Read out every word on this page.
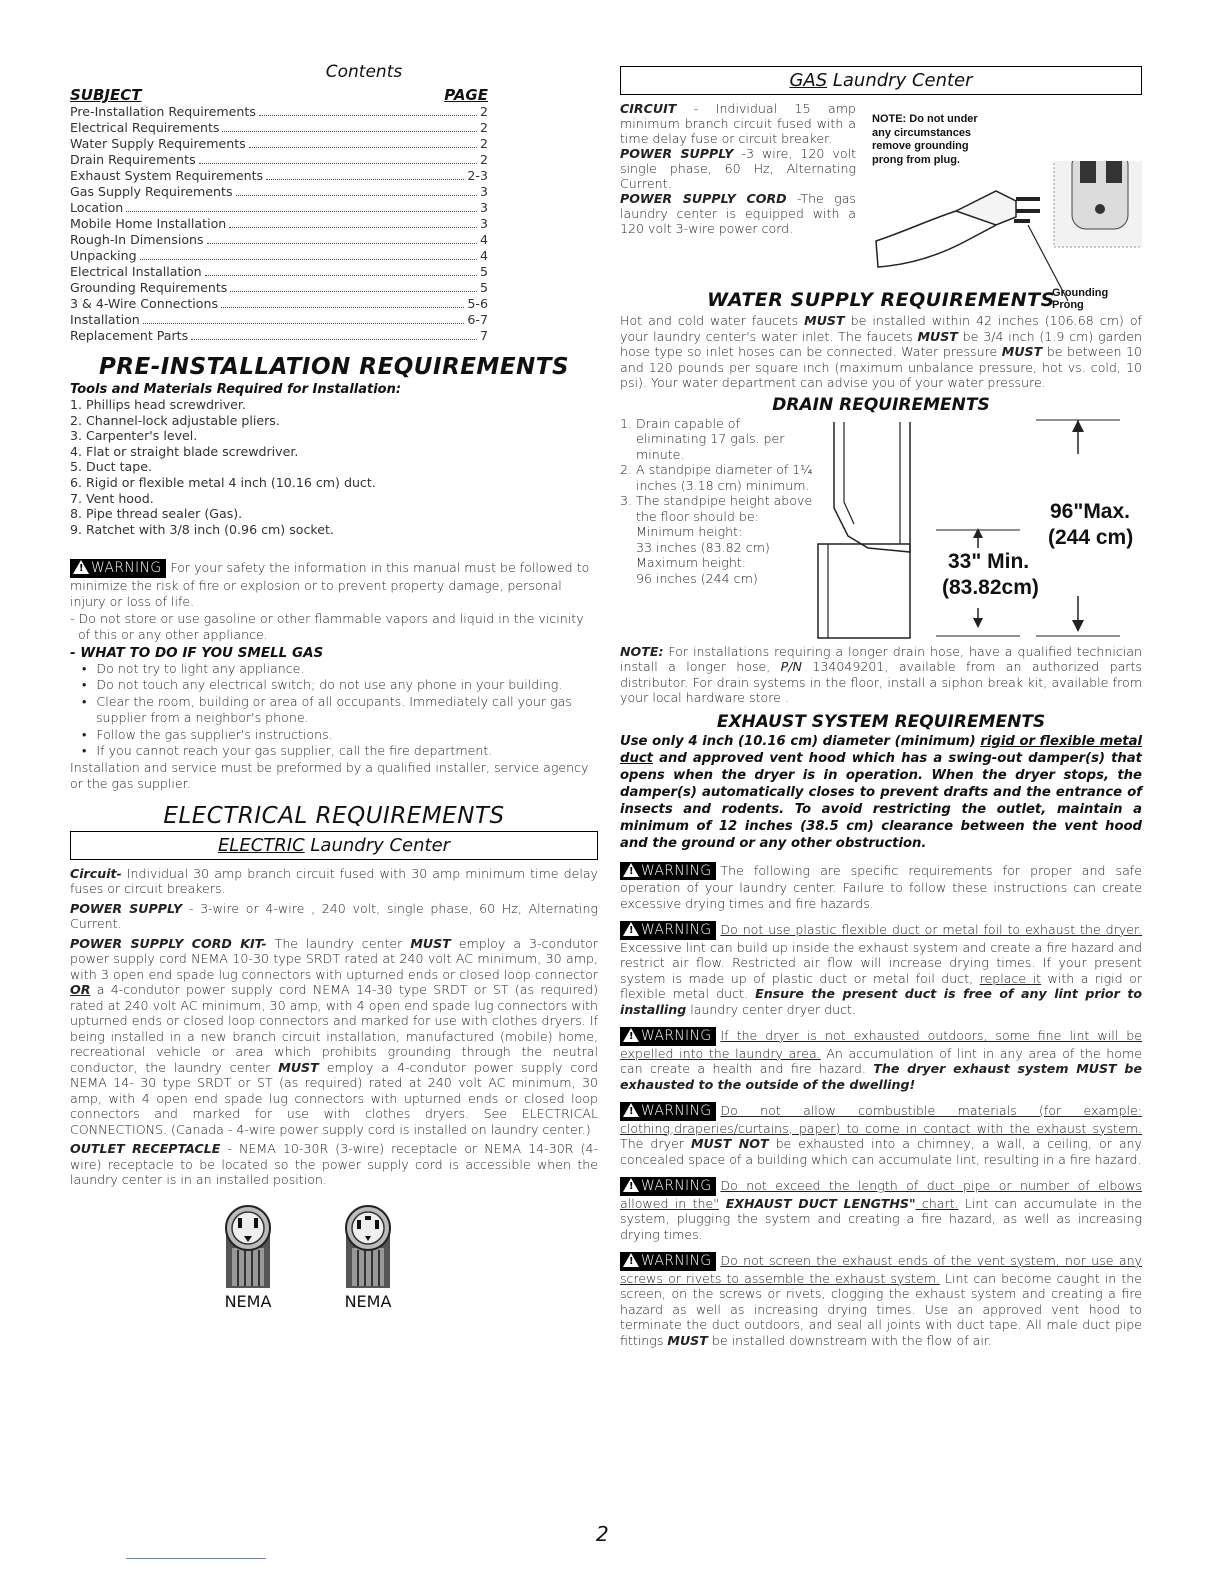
Contents
SUBJECT	PAGE
Pre-Installation Requirements	2
Electrical Requirements	2
Water Supply Requirements	2
Drain Requirements	2
Exhaust System Requirements	2-3
Gas Supply Requirements	3
Location	3
Mobile Home Installation	3
Rough-In Dimensions	4
Unpacking	4
Electrical Installation	5
Grounding Requirements	5
3 & 4-Wire Connections	5-6
Installation	6-7
Replacement Parts	7
PRE-INSTALLATION REQUIREMENTS
Tools and Materials Required for Installation:
1. Phillips head screwdriver.
2. Channel-lock adjustable pliers.
3. Carpenter's level.
4. Flat or straight blade screwdriver.
5. Duct tape.
6. Rigid or flexible metal 4 inch (10.16 cm) duct.
7. Vent hood.
8. Pipe thread sealer (Gas).
9. Ratchet with 3/8 inch (0.96 cm) socket.
!WARNING For your safety the information in this manual must be followed to minimize the risk of fire or explosion or to prevent property damage, personal injury or loss of life.
- Do not store or use gasoline or other flammable vapors and liquid in the vicinity of this or any other appliance.
- WHAT TO DO IF YOU SMELL GAS
• Do not try to light any appliance.
• Do not touch any electrical switch; do not use any phone in your building.
• Clear the room, building or area of all occupants. Immediately call your gas supplier from a neighbor's phone.
• Follow the gas supplier's instructions.
• If you cannot reach your gas supplier, call the fire department.
Installation and service must be preformed by a qualified installer, service agency or the gas supplier.
ELECTRICAL REQUIREMENTS
ELECTRIC Laundry Center
Circuit- Individual 30 amp branch circuit fused with 30 amp minimum time delay fuses or circuit breakers.
POWER SUPPLY - 3-wire or 4-wire , 240 volt, single phase, 60 Hz, Alternating Current.
POWER SUPPLY CORD KIT- The laundry center MUST employ a 3-condutor power supply cord NEMA 10-30 type SRDT rated at 240 volt AC minimum, 30 amp, with 3 open end spade lug connectors with upturned ends or closed loop connector OR a 4-condutor power supply cord NEMA 14-30 type SRDT or ST (as required) rated at 240 volt AC minimum, 30 amp, with 4 open end spade lug connectors with upturned ends or closed loop connectors and marked for use with clothes dryers. If being installed in a new branch circuit installation, manufactured (mobile) home, recreational vehicle or area which prohibits grounding through the neutral conductor, the laundry center MUST employ a 4-condutor power supply cord NEMA 14- 30 type SRDT or ST (as required) rated at 240 volt AC minimum, 30 amp, with 4 open end spade lug connectors with upturned ends or closed loop connectors and marked for use with clothes dryers. See ELECTRICAL CONNECTIONS. (Canada - 4-wire power supply cord is installed on laundry center.)
OUTLET RECEPTACLE - NEMA 10-30R (3-wire) receptacle or NEMA 14-30R (4-wire) receptacle to be located so the power supply cord is accessible when the laundry center is in an installed position.
NEMA	NEMA
GAS Laundry Center
CIRCUIT - Individual 15 amp minimum branch circuit fused with a time delay fuse or circuit breaker.
POWER SUPPLY -3 wire, 120 volt single phase, 60 Hz, Alternating Current.
POWER SUPPLY CORD -The gas laundry center is equipped with a 120 volt 3-wire power cord.
NOTE: Do not under any circumstances remove grounding prong from plug.
Grounding Prong
WATER SUPPLY REQUIREMENTS
Hot and cold water faucets MUST be installed within 42 inches (106.68 cm) of your laundry center's water inlet. The faucets MUST be 3/4 inch (1.9 cm) garden hose type so inlet hoses can be connected. Water pressure MUST be between 10 and 120 pounds per square inch (maximum unbalance pressure, hot vs. cold, 10 psi). Your water department can advise you of your water pressure.
DRAIN REQUIREMENTS
1. Drain capable of eliminating 17 gals. per minute.
2. A standpipe diameter of 1¼ inches (3.18 cm) minimum.
3. The standpipe height above the floor should be:
Minimum height:
33 inches (83.82 cm)
Maximum height:
96 inches (244 cm)
96"Max.
(244 cm)
33" Min.
(83.82cm)
NOTE: For installations requiring a longer drain hose, have a qualified technician install a longer hose, P/N 134049201, available from an authorized parts distributor. For drain systems in the floor, install a siphon break kit, available from your local hardware store .
EXHAUST SYSTEM REQUIREMENTS
Use only 4 inch (10.16 cm) diameter (minimum) rigid or flexible metal duct and approved vent hood which has a swing-out damper(s) that opens when the dryer is in operation. When the dryer stops, the damper(s) automatically closes to prevent drafts and the entrance of insects and rodents. To avoid restricting the outlet, maintain a minimum of 12 inches (38.5 cm) clearance between the vent hood and the ground or any other obstruction.
!WARNING The following are specific requirements for proper and safe operation of your laundry center. Failure to follow these instructions can create excessive drying times and fire hazards.
!WARNING Do not use plastic flexible duct or metal foil to exhaust the dryer. Excessive lint can build up inside the exhaust system and create a fire hazard and restrict air flow. Restricted air flow will increase drying times. If your present system is made up of plastic duct or metal foil duct, replace it with a rigid or flexible metal duct. Ensure the present duct is free of any lint prior to installing laundry center dryer duct.
!WARNING If the dryer is not exhausted outdoors, some fine lint will be expelled into the laundry area. An accumulation of lint in any area of the home can create a health and fire hazard. The dryer exhaust system MUST be exhausted to the outside of the dwelling!
!WARNING Do not allow combustible materials (for example: clothing,draperies/curtains, paper) to come in contact with the exhaust system. The dryer MUST NOT be exhausted into a chimney, a wall, a ceiling, or any concealed space of a building which can accumulate lint, resulting in a fire hazard.
!WARNING Do not exceed the length of duct pipe or number of elbows allowed in the" EXHAUST DUCT LENGTHS" chart. Lint can accumulate in the system, plugging the system and creating a fire hazard, as well as increasing drying times.
!WARNING Do not screen the exhaust ends of the vent system, nor use any screws or rivets to assemble the exhaust system. Lint can become caught in the screen, on the screws or rivets, clogging the exhaust system and creating a fire hazard as well as increasing drying times. Use an approved vent hood to terminate the duct outdoors, and seal all joints with duct tape. All male duct pipe fittings MUST be installed downstream with the flow of air.
2
